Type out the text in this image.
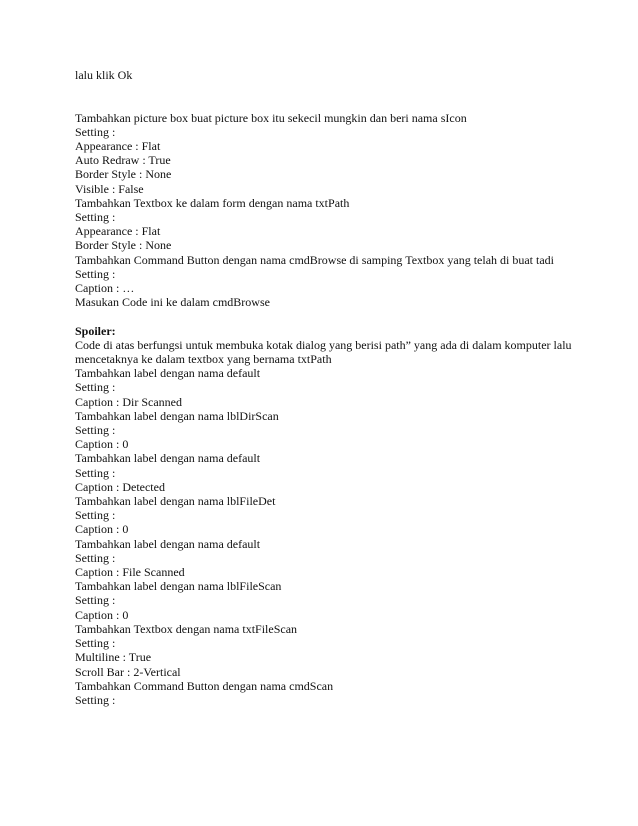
lalu klik Ok
Tambahkan picture box buat picture box itu sekecil mungkin dan beri nama sIcon
Setting :
Appearance : Flat
Auto Redraw : True
Border Style : None
Visible : False
Tambahkan Textbox ke dalam form dengan nama txtPath
Setting :
Appearance : Flat
Border Style : None
Tambahkan Command Button dengan nama cmdBrowse di samping Textbox yang telah di buat tadi
Setting :
Caption : …
Masukan Code ini ke dalam cmdBrowse
Spoiler:
Code di atas berfungsi untuk membuka kotak dialog yang berisi path” yang ada di dalam komputer lalu mencetaknya ke dalam textbox yang bernama txtPath
Tambahkan label dengan nama default
Setting :
Caption : Dir Scanned
Tambahkan label dengan nama lblDirScan
Setting :
Caption : 0
Tambahkan label dengan nama default
Setting :
Caption : Detected
Tambahkan label dengan nama lblFileDet
Setting :
Caption : 0
Tambahkan label dengan nama default
Setting :
Caption : File Scanned
Tambahkan label dengan nama lblFileScan
Setting :
Caption : 0
Tambahkan Textbox dengan nama txtFileScan
Setting :
Multiline : True
Scroll Bar : 2-Vertical
Tambahkan Command Button dengan nama cmdScan
Setting :
